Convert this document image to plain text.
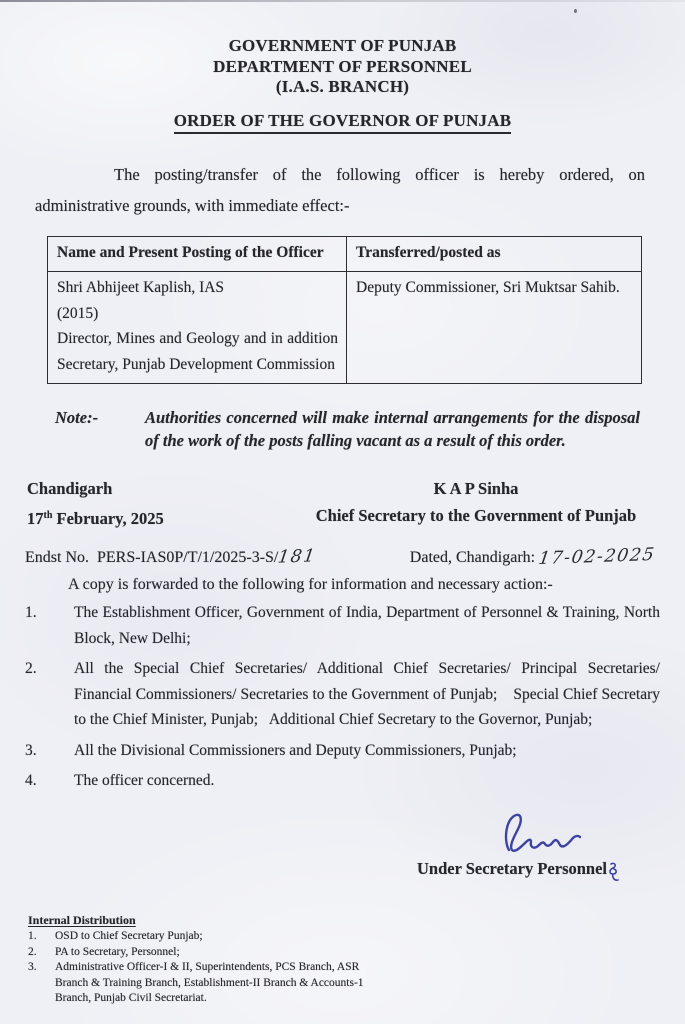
GOVERNMENT OF PUNJAB
DEPARTMENT OF PERSONNEL
(I.A.S. BRANCH)
ORDER OF THE GOVERNOR OF PUNJAB

The posting/transfer of the following officer is hereby ordered, on administrative grounds, with immediate effect:-

Name and Present Posting of the Officer	Transferred/posted as

Shri Abhijeet Kaplish, IAS
(2015)
Director, Mines and Geology and in addition Secretary, Punjab Development Commission	Deputy Commissioner, Sri Muktsar Sahib.
Note:-	Authorities concerned will make internal arrangements for the disposal of the work of the posts falling vacant as a result of this order.
Chandigarh
17th February, 2025
K A P Sinha
Chief Secretary to the Government of Punjab
Endst No.  PERS-IAS0P/T/1/2025-3-S/181	Dated, Chandigarh: 17-02-2025
A copy is forwarded to the following for information and necessary action:-
1.	The Establishment Officer, Government of India, Department of Personnel & Training, North Block, New Delhi;
2.	All the Special Chief Secretaries/ Additional Chief Secretaries/ Principal Secretaries/ Financial Commissioners/ Secretaries to the Government of Punjab;    Special Chief Secretary to the Chief Minister, Punjab;   Additional Chief Secretary to the Governor, Punjab;
3.	All the Divisional Commissioners and Deputy Commissioners, Punjab;
4.	The officer concerned.
Under Secretary Personnel
Internal Distribution
1.	OSD to Chief Secretary Punjab;
2.	PA to Secretary, Personnel;
3.	Administrative Officer-I & II, Superintendents, PCS Branch, ASR Branch & Training Branch, Establishment-II Branch & Accounts-1 Branch, Punjab Civil Secretariat.
